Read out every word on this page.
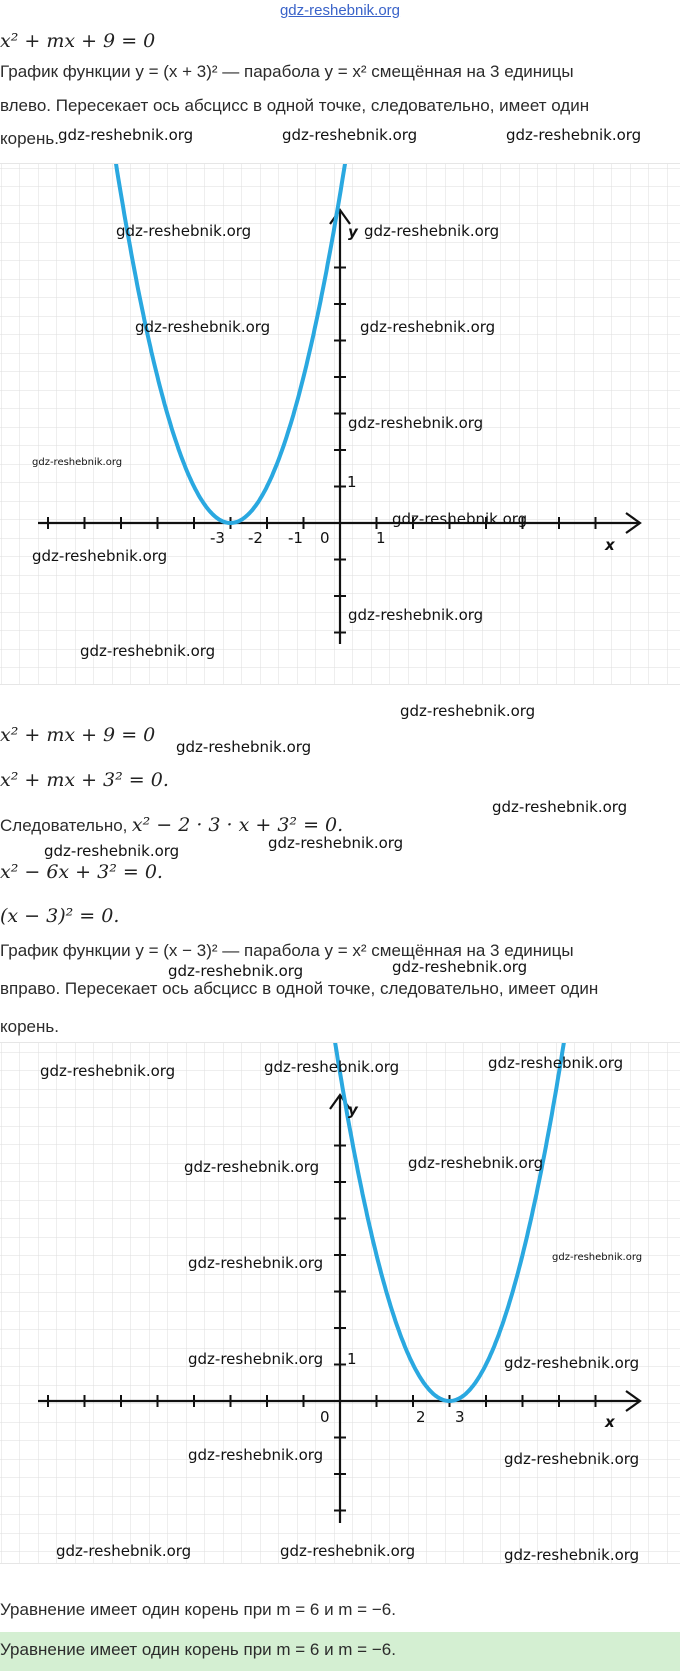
gdz-reshebnik.org
x² + mx + 9 = 0
График функции y = (x + 3)² — парабола y = x² смещённая на 3 единицы
влево. Пересекает ось абсцисс в одной точке, следовательно, имеет один
корень.
-3 -2 -1 0	1
1
x
y
x² + mx + 9 = 0
x² + mx + 3² = 0.
Следовательно, x² − 2 · 3 · x + 3² = 0.
x² − 6x + 3² = 0.
(x − 3)² = 0.
График функции y = (x − 3)² — парабола y = x² смещённая на 3 единицы
вправо. Пересекает ось абсцисс в одной точке, следовательно, имеет один
корень.
0	2 3
1
x
y
Уравнение имеет один корень при m = 6 и m = −6.
Уравнение имеет один корень при m = 6 и m = −6.
gdz-reshebnik.org	gdz-reshebnik.org	gdz-reshebnik.org
gdz-reshebnik.org	gdz-reshebnik.org
gdz-reshebnik.org	gdz-reshebnik.org
gdz-reshebnik.org
gdz-reshebnik.org
gdz-reshebnik.org
gdz-reshebnik.org
gdz-reshebnik.org
gdz-reshebnik.org
gdz-reshebnik.org
gdz-reshebnik.org
gdz-reshebnik.org
gdz-reshebnik.org	gdz-reshebnik.org
gdz-reshebnik.org	gdz-reshebnik.org
gdz-reshebnik.org	gdz-reshebnik.org	gdz-reshebnik.org
gdz-reshebnik.org	gdz-reshebnik.org
gdz-reshebnik.org	gdz-reshebnik.org
gdz-reshebnik.org	gdz-reshebnik.org
gdz-reshebnik.org	gdz-reshebnik.org
gdz-reshebnik.org	gdz-reshebnik.org	gdz-reshebnik.org
